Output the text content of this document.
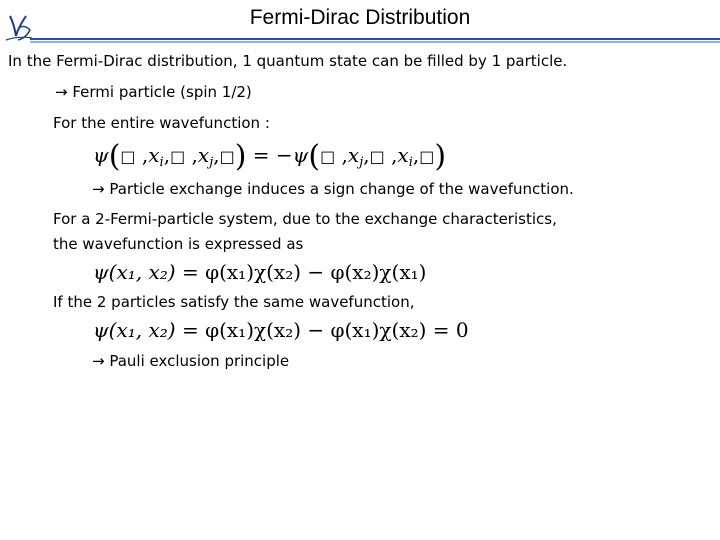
Fermi-Dirac Distribution
In the Fermi-Dirac distribution, 1 quantum state can be filled by 1 particle.
→ Fermi particle (spin 1/2)
For the entire wavefunction :
ψ(□ $,x_i,□$ $,x_j,□$) = −ψ(□ $,x_j,□$ $,x_i,□$)
→ Particle exchange induces a sign change of the wavefunction.
For a 2-Fermi-particle system, due to the exchange characteristics,
the wavefunction is expressed as
ψ(x₁, x₂) = φ(x₁)χ(x₂) − φ(x₂)χ(x₁)
If the 2 particles satisfy the same wavefunction,
ψ(x₁, x₂) = φ(x₁)χ(x₂) − φ(x₁)χ(x₂) = 0
→ Pauli exclusion principle
